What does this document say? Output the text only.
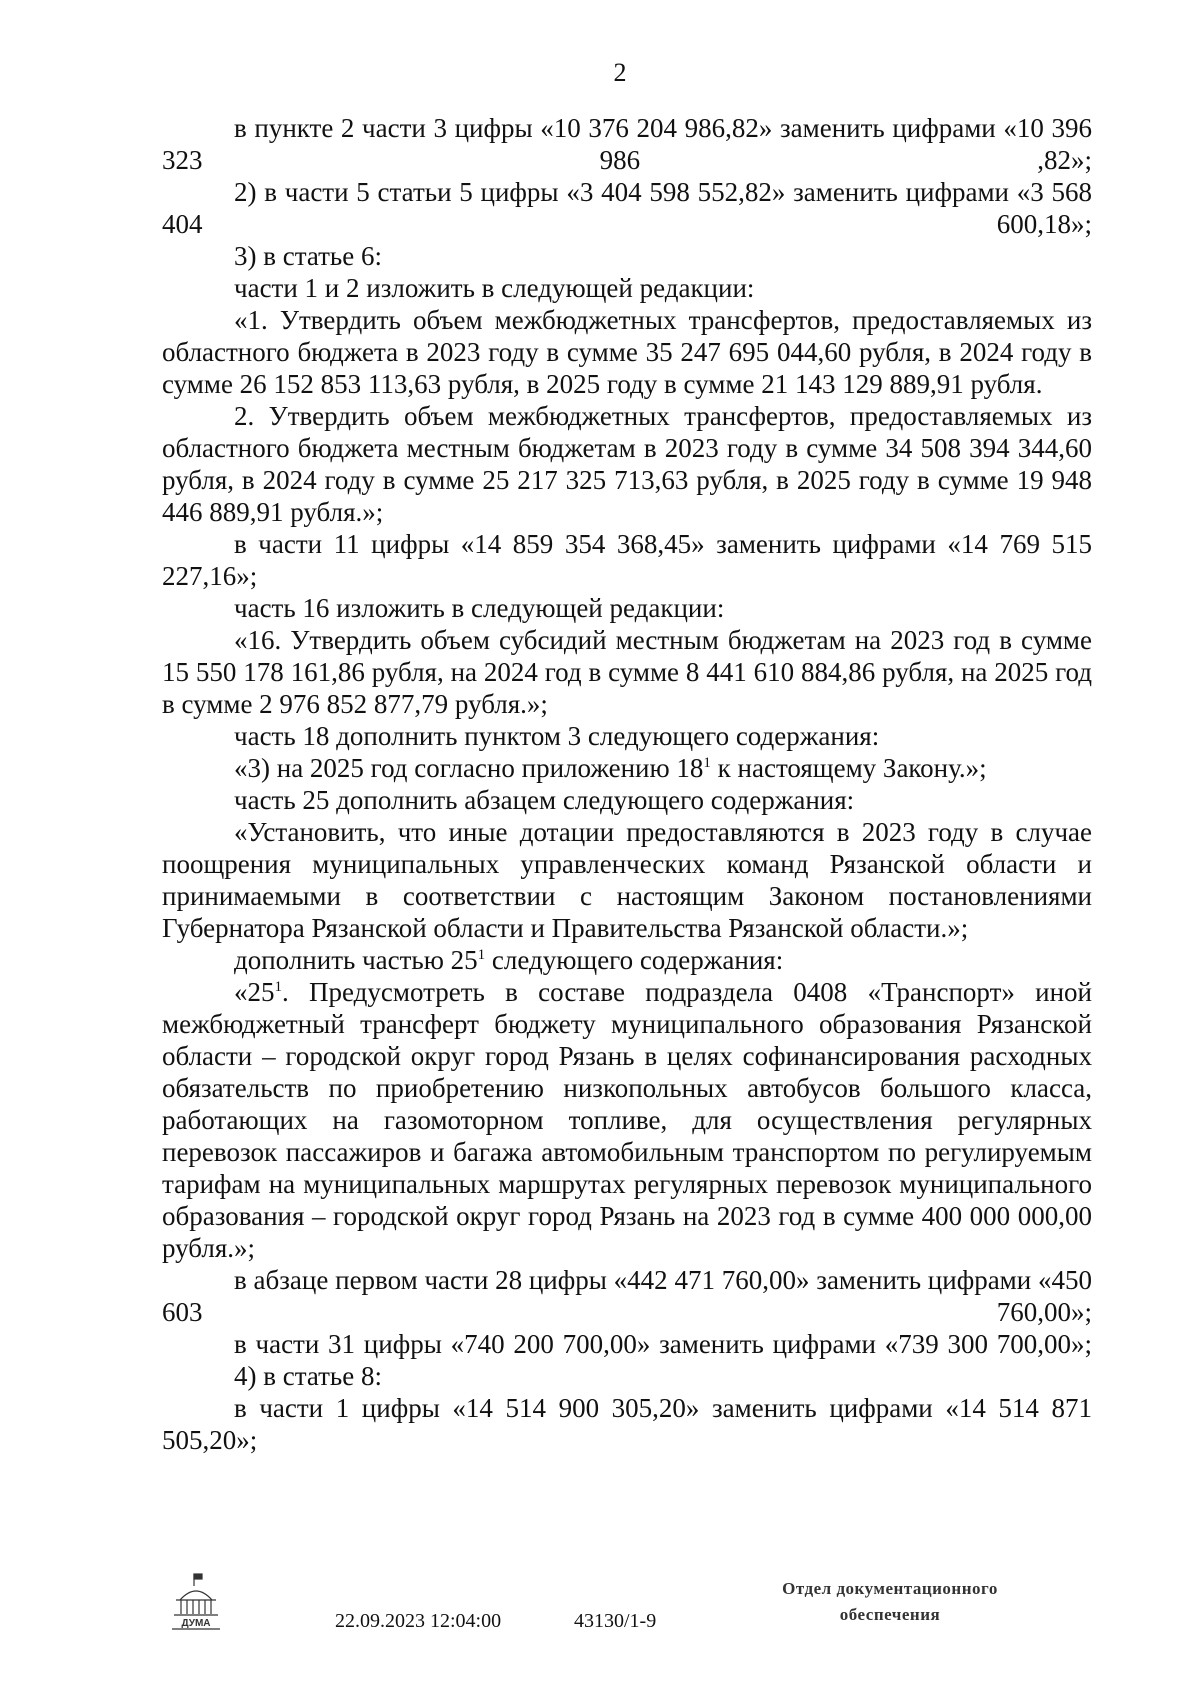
2

в пункте 2 части 3 цифры «10 376 204 986,82» заменить цифрами «10 396 323 986 ,82»;

2) в части 5 статьи 5 цифры «3 404 598 552,82» заменить цифрами «3 568 404 600,18»;

3) в статье 6:

части 1 и 2 изложить в следующей редакции:

«1. Утвердить объем межбюджетных трансфертов, предоставляемых из областного бюджета в 2023 году в сумме 35 247 695 044,60 рубля, в 2024 году в сумме 26 152 853 113,63 рубля, в 2025 году в сумме 21 143 129 889,91 рубля.

2. Утвердить объем межбюджетных трансфертов, предоставляемых из областного бюджета местным бюджетам в 2023 году в сумме 34 508 394 344,60 рубля, в 2024 году в сумме 25 217 325 713,63 рубля, в 2025 году в сумме 19 948 446 889,91 рубля.»;

в части 11 цифры «14 859 354 368,45» заменить цифрами «14 769 515 227,16»;

часть 16 изложить в следующей редакции:

«16. Утвердить объем субсидий местным бюджетам на 2023 год в сумме 15 550 178 161,86 рубля, на 2024 год в сумме 8 441 610 884,86 рубля, на 2025 год в сумме 2 976 852 877,79 рубля.»;

часть 18 дополнить пунктом 3 следующего содержания:

«3) на 2025 год согласно приложению $18^1$ к настоящему Закону.»;

часть 25 дополнить абзацем следующего содержания:

«Установить, что иные дотации предоставляются в 2023 году в случае поощрения муниципальных управленческих команд Рязанской области и принимаемыми в соответствии с настоящим Законом постановлениями Губернатора Рязанской области и Правительства Рязанской области.»;

дополнить частью $25^1$ следующего содержания:

«$25^1$. Предусмотреть в составе подраздела 0408 «Транспорт» иной межбюджетный трансферт бюджету муниципального образования Рязанской области – городской округ город Рязань в целях софинансирования расходных обязательств по приобретению низкопольных автобусов большого класса, работающих на газомоторном топливе, для осуществления регулярных перевозок пассажиров и багажа автомобильным транспортом по регулируемым тарифам на муниципальных маршрутах регулярных перевозок муниципального образования – городской округ город Рязань на 2023 год в сумме 400 000 000,00 рубля.»;

в абзаце первом части 28 цифры «442 471 760,00» заменить цифрами «450 603 760,00»;

в части 31 цифры «740 200 700,00» заменить цифрами «739 300 700,00»;

4) в статье 8:

в части 1 цифры «14 514 900 305,20» заменить цифрами «14 514 871 505,20»;

ДУМА	22.09.2023 12:04:00	43130/1-9
Отдел документационного
обеспечения
